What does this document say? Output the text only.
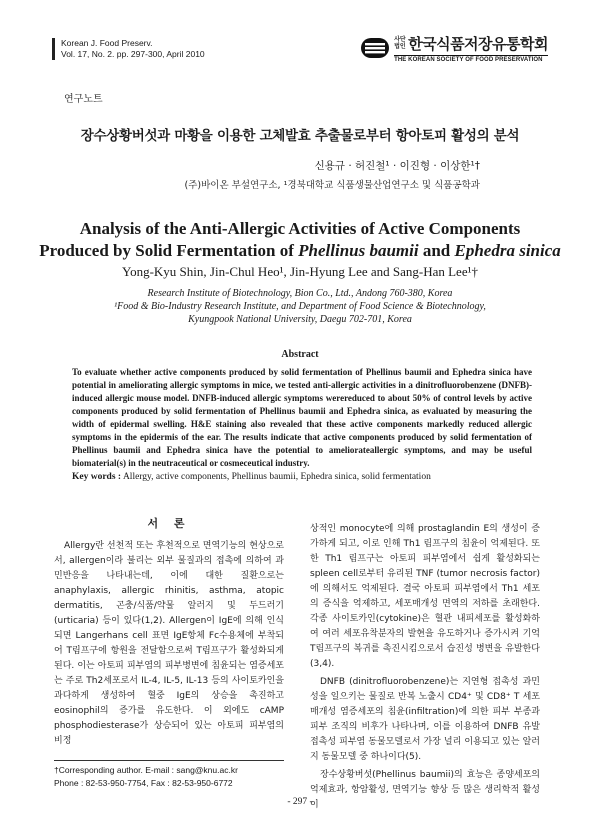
Korean J. Food Preserv.
Vol. 17, No. 2. pp. 297-300, April 2010
사단 법인 한국식품저장유통학회
THE KOREAN SOCIETY OF FOOD PRESERVATION
연구노트
장수상황버섯과 마황을 이용한 고체발효 추출물로부터 항아토피 활성의 분석
신용규 · 허진철¹ · 이진형 · 이상한¹†
(주)바이온 부설연구소, ¹경북대학교 식품생물산업연구소 및 식품공학과
Analysis of the Anti-Allergic Activities of Active Components
Produced by Solid Fermentation of Phellinus baumii and Ephedra sinica
Yong-Kyu Shin, Jin-Chul Heo¹, Jin-Hyung Lee and Sang-Han Lee¹†
Research Institute of Biotechnology, Bion Co., Ltd., Andong 760-380, Korea
¹Food & Bio-Industry Research Institute, and Department of Food Science & Biotechnology,
Kyungpook National University, Daegu 702-701, Korea
Abstract
To evaluate whether active components produced by solid fermentation of Phellinus baumii and Ephedra sinica have potential in ameliorating allergic symptoms in mice, we tested anti-allergic activities in a dinitrofluorobenzene (DNFB)-induced allergic mouse model. DNFB-induced allergic symptoms werereduced to about 50% of control levels by active components produced by solid fermentation of Phellinus baumii and Ephedra sinica, as evaluated by measuring the width of epidermal swelling. H&E staining also revealed that these active components markedly reduced allergic symptoms in the epidermis of the ear. The results indicate that active components produced by solid fermentation of Phellinus baumii and Ephedra sinica have the potential to ameliorateallergic symptoms, and may be useful biomaterial(s) in the neutraceutical or cosmeceutical industry.
Key words : Allergy, active components, Phellinus baumii, Ephedra sinica, solid fermentation
서 론

Allergy란 선천적 또는 후천적으로 면역기능의 현상으로서, allergen이라 불리는 외부 물질과의 접촉에 의하여 과민반응을 나타내는데, 이에 대한 질환으로는 anaphylaxis, allergic rhinitis, asthma, atopic dermatitis, 곤충/식품/약물 알러지 및 두드러기(urticaria) 등이 있다(1,2). Allergen이 IgE에 의해 인식되면 Langerhans cell 표면 IgE항체 Fc수용체에 부착되어 T림프구에 항원을 전달함으로써 T림프구가 활성화되게 된다. 이는 아토피 피부염의 피부병변에 침윤되는 염증세포는 주로 Th2세포로서 IL-4, IL-5, IL-13 등의 사이토카인을 과다하게 생성하여 혈중 IgE의 상승을 촉진하고 eosinophil의 증가를 유도한다. 이 외에도 cAMP phosphodiesterase가 상승되어 있는 아토피 피부염의 비정

상적인 monocyte에 의해 prostaglandin E의 생성이 증가하게 되고, 이로 인해 Th1 림프구의 침윤이 억제된다. 또한 Th1 림프구는 아토피 피부염에서 쉽게 활성화되는 spleen cell로부터 유리된 TNF (tumor necrosis factor)에 의해서도 억제된다. 결국 아토피 피부염에서 Th1 세포의 증식을 억제하고, 세포매개성 면역의 저하를 초래한다. 각종 사이토카인(cytokine)은 혈관 내피세포를 활성화하여 여러 세포유착분자의 발현을 유도하거나 증가시켜 기억 T림프구의 복귀를 촉진시킴으로서 습진성 병변을 유발한다(3,4).

DNFB (dinitrofluorobenzene)는 지연형 접촉성 과민성을 일으키는 물질로 반복 노출시 CD4⁺ 및 CD8⁺ T 세포 매개성 염증세포의 침윤(infiltration)에 의한 피부 부종과 피부 조직의 비후가 나타나며, 이를 이용하여 DNFB 유발 접촉성 피부염 동물모델로서 가장 널리 이용되고 있는 알러지 동물모델 중 하나이다(5).

장수상황버섯(Phellinus baumii)의 효능은 종양세포의 억제효과, 항암활성, 면역기능 향상 등 많은 생리학적 활성이

†Corresponding author. E-mail : sang@knu.ac.kr
Phone : 82-53-950-7754, Fax : 82-53-950-6772
- 297 -
